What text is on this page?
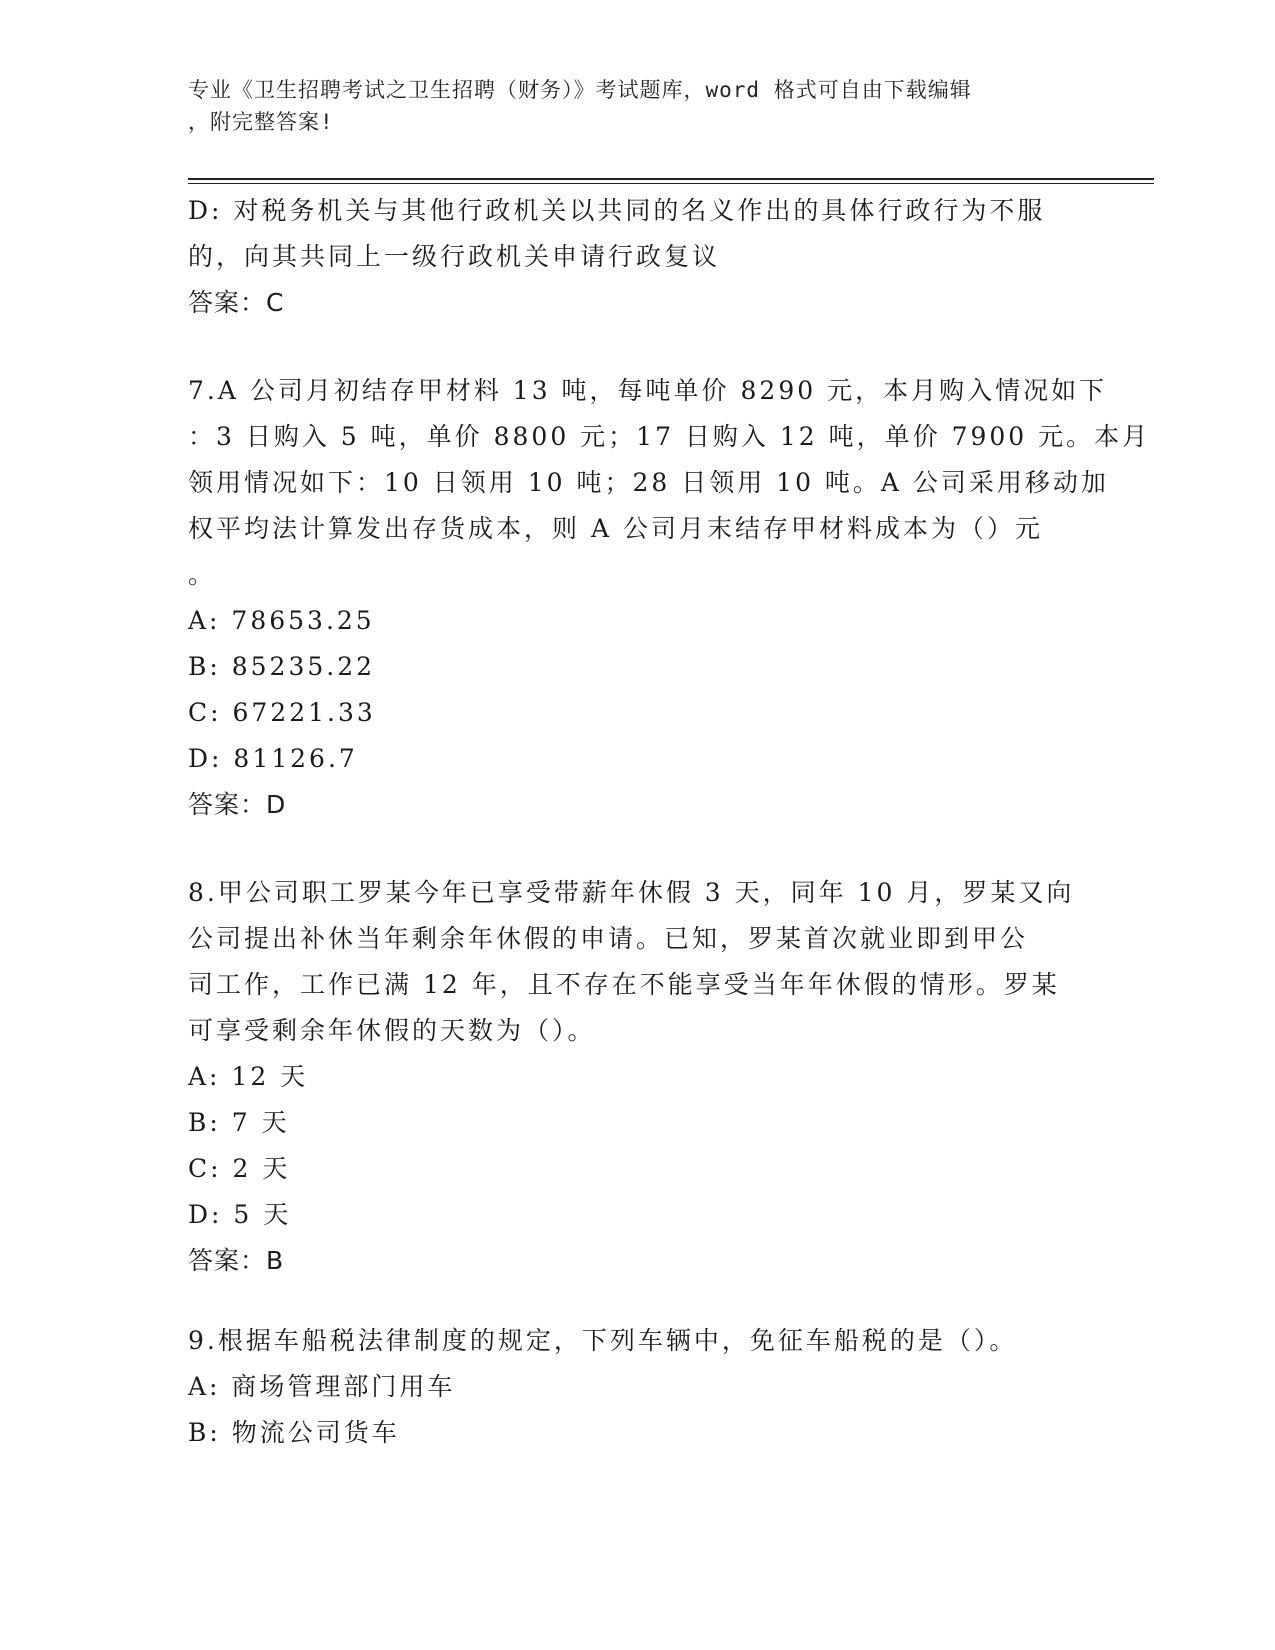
专业《卫生招聘考试之卫生招聘（财务）》考试题库，word 格式可自由下载编辑
，附完整答案!
D: 对税务机关与其他行政机关以共同的名义作出的具体行政行为不服
的，向其共同上一级行政机关申请行政复议
答案：C
7.A 公司月初结存甲材料 13 吨，每吨单价 8290 元，本月购入情况如下
：3 日购入 5 吨，单价 8800 元；17 日购入 12 吨，单价 7900 元。本月
领用情况如下：10 日领用 10 吨；28 日领用 10 吨。A 公司采用移动加
权平均法计算发出存货成本，则 A 公司月末结存甲材料成本为（）元
。
A: 78653.25
B: 85235.22
C: 67221.33
D: 81126.7
答案：D
8.甲公司职工罗某今年已享受带薪年休假 3 天，同年 10 月，罗某又向
公司提出补休当年剩余年休假的申请。已知，罗某首次就业即到甲公
司工作，工作已满 12 年，且不存在不能享受当年年休假的情形。罗某
可享受剩余年休假的天数为（）。
A: 12 天
B: 7 天
C: 2 天
D: 5 天
答案：B
9.根据车船税法律制度的规定，下列车辆中，免征车船税的是（）。
A: 商场管理部门用车
B: 物流公司货车
